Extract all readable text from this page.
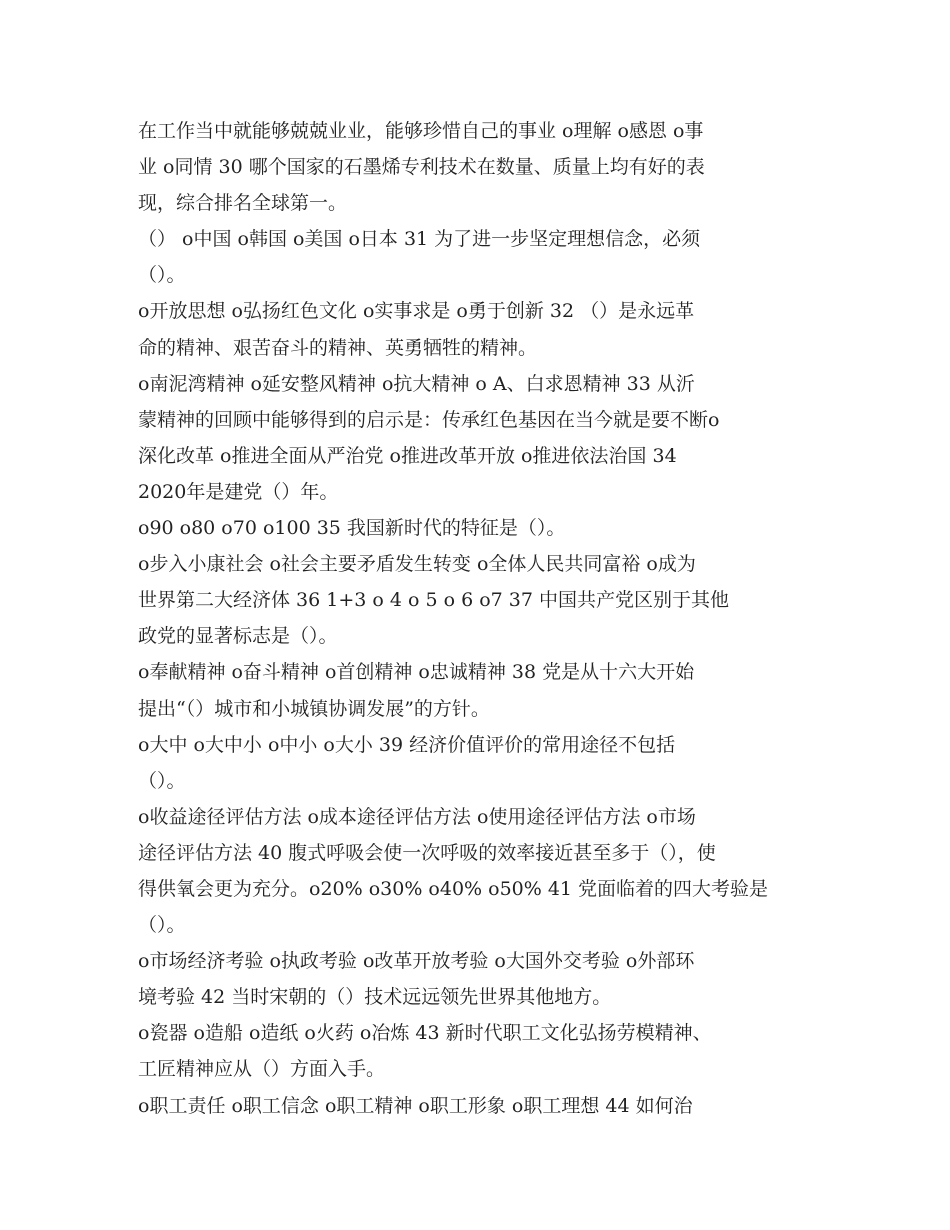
在工作当中就能够兢兢业业，能够珍惜自己的事业 o理解 o感恩 o事
业 o同情 30 哪个国家的石墨烯专利技术在数量、质量上均有好的表
现，综合排名全球第一。
（） o中国 o韩国 o美国 o日本 31 为了进一步坚定理想信念，必须
（）。
o开放思想 o弘扬红色文化 o实事求是 o勇于创新 32 （）是永远革
命的精神、艰苦奋斗的精神、英勇牺牲的精神。
o南泥湾精神 o延安整风精神 o抗大精神 o A、白求恩精神 33 从沂
蒙精神的回顾中能够得到的启示是：传承红色基因在当今就是要不断o
深化改革 o推进全面从严治党 o推进改革开放 o推进依法治国 34
2020年是建党（）年。
o90 o80 o70 o100 35 我国新时代的特征是（）。
o步入小康社会 o社会主要矛盾发生转变 o全体人民共同富裕 o成为
世界第二大经济体 36 1+3 o 4 o 5 o 6 o7 37 中国共产党区别于其他
政党的显著标志是（）。
o奉献精神 o奋斗精神 o首创精神 o忠诚精神 38 党是从十六大开始
提出“（）城市和小城镇协调发展”的方针。
o大中 o大中小 o中小 o大小 39 经济价值评价的常用途径不包括
（）。
o收益途径评估方法 o成本途径评估方法 o使用途径评估方法 o市场
途径评估方法 40 腹式呼吸会使一次呼吸的效率接近甚至多于（），使
得供氧会更为充分。o20% o30% o40% o50% 41 党面临着的四大考验是
（）。
o市场经济考验 o执政考验 o改革开放考验 o大国外交考验 o外部环
境考验 42 当时宋朝的（）技术远远领先世界其他地方。
o瓷器 o造船 o造纸 o火药 o冶炼 43 新时代职工文化弘扬劳模精神、
工匠精神应从（）方面入手。
o职工责任 o职工信念 o职工精神 o职工形象 o职工理想 44 如何治
